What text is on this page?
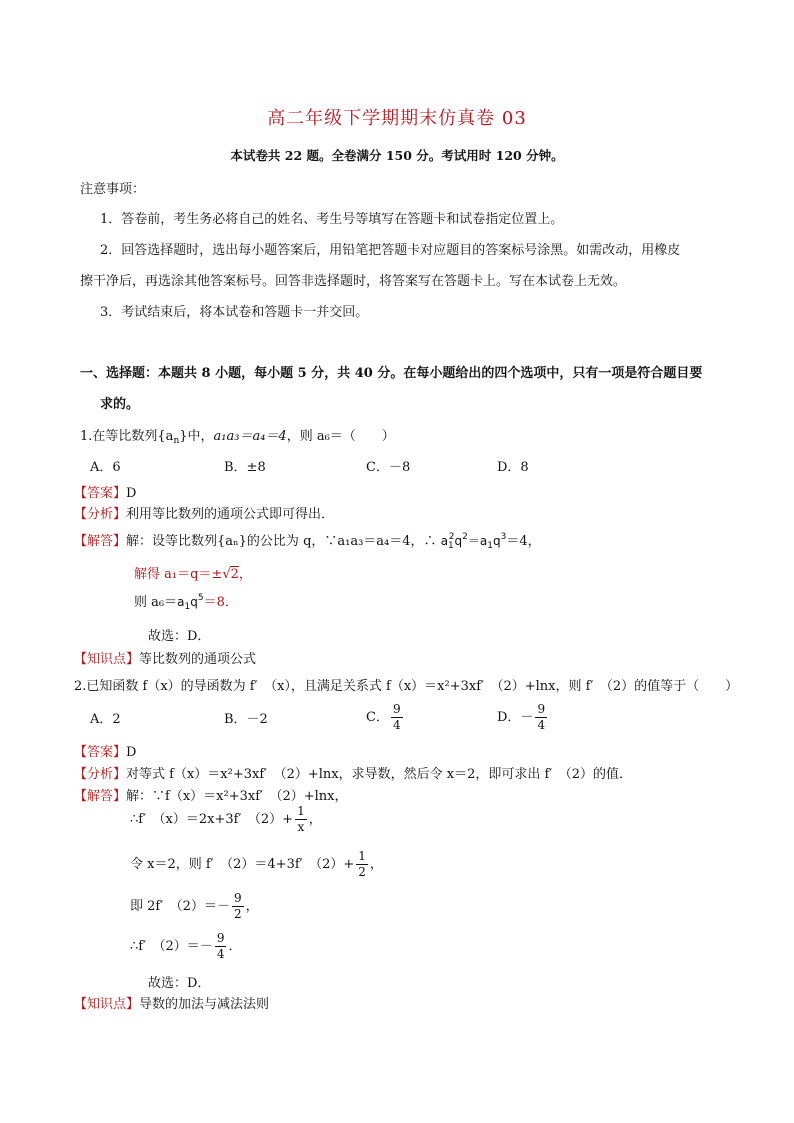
高二年级下学期期末仿真卷 03
本试卷共 22 题。全卷满分 150 分。考试用时 120 分钟。
注意事项：
1．答卷前，考生务必将自己的姓名、考生号等填写在答题卡和试卷指定位置上。
2．回答选择题时，选出每小题答案后，用铅笔把答题卡对应题目的答案标号涂黑。如需改动，用橡皮
擦干净后，再选涂其他答案标号。回答非选择题时，将答案写在答题卡上。写在本试卷上无效。
3．考试结束后，将本试卷和答题卡一并交回。
一、选择题：本题共 8 小题，每小题 5 分，共 40 分。在每小题给出的四个选项中，只有一项是符合题目要
求的。
1.在等比数列$\{a_n\}$中，a₁a₃＝a₄＝4，则 a₆＝（　　）
A．6	B．±8	C．－8	D．8
【答案】D
【分析】利用等比数列的通项公式即可得出．
【解答】解：设等比数列{aₙ}的公比为 q，∵a₁a₃＝a₄＝4，∴ $a_1^2q^2=a_1q^3=4$，
解得 a₁＝q＝±√2，
则 $a_6=a_1q^5=8$．
故选：D．
【知识点】等比数列的通项公式
2.已知函数 f（x）的导函数为 f′　（x），且满足关系式 f（x）＝x²+3xf′　（2）+lnx，则 f′　（2）的值等于（　　）
A．2	B．－2	C． $\frac{9}{4}$	D．－ $\frac{9}{4}$
【答案】D
【分析】对等式 f（x）＝x²+3xf′　（2）+lnx，求导数，然后令 x＝2，即可求出 f′　（2）的值．
【解答】解：∵f（x）＝x²+3xf′　（2）+lnx，
∴f′　（x）＝2x+3f′　$(2)+ \frac{1}{x}$ ，
令 x＝2，则 f′　（2）＝4+3f′　$(2)+ \frac{1}{2}$ ，
即 2f′　$(2)=- \frac{9}{2}$ ，
∴f′　$(2)=- \frac{9}{4}$ ．
故选：D．
【知识点】导数的加法与减法法则
